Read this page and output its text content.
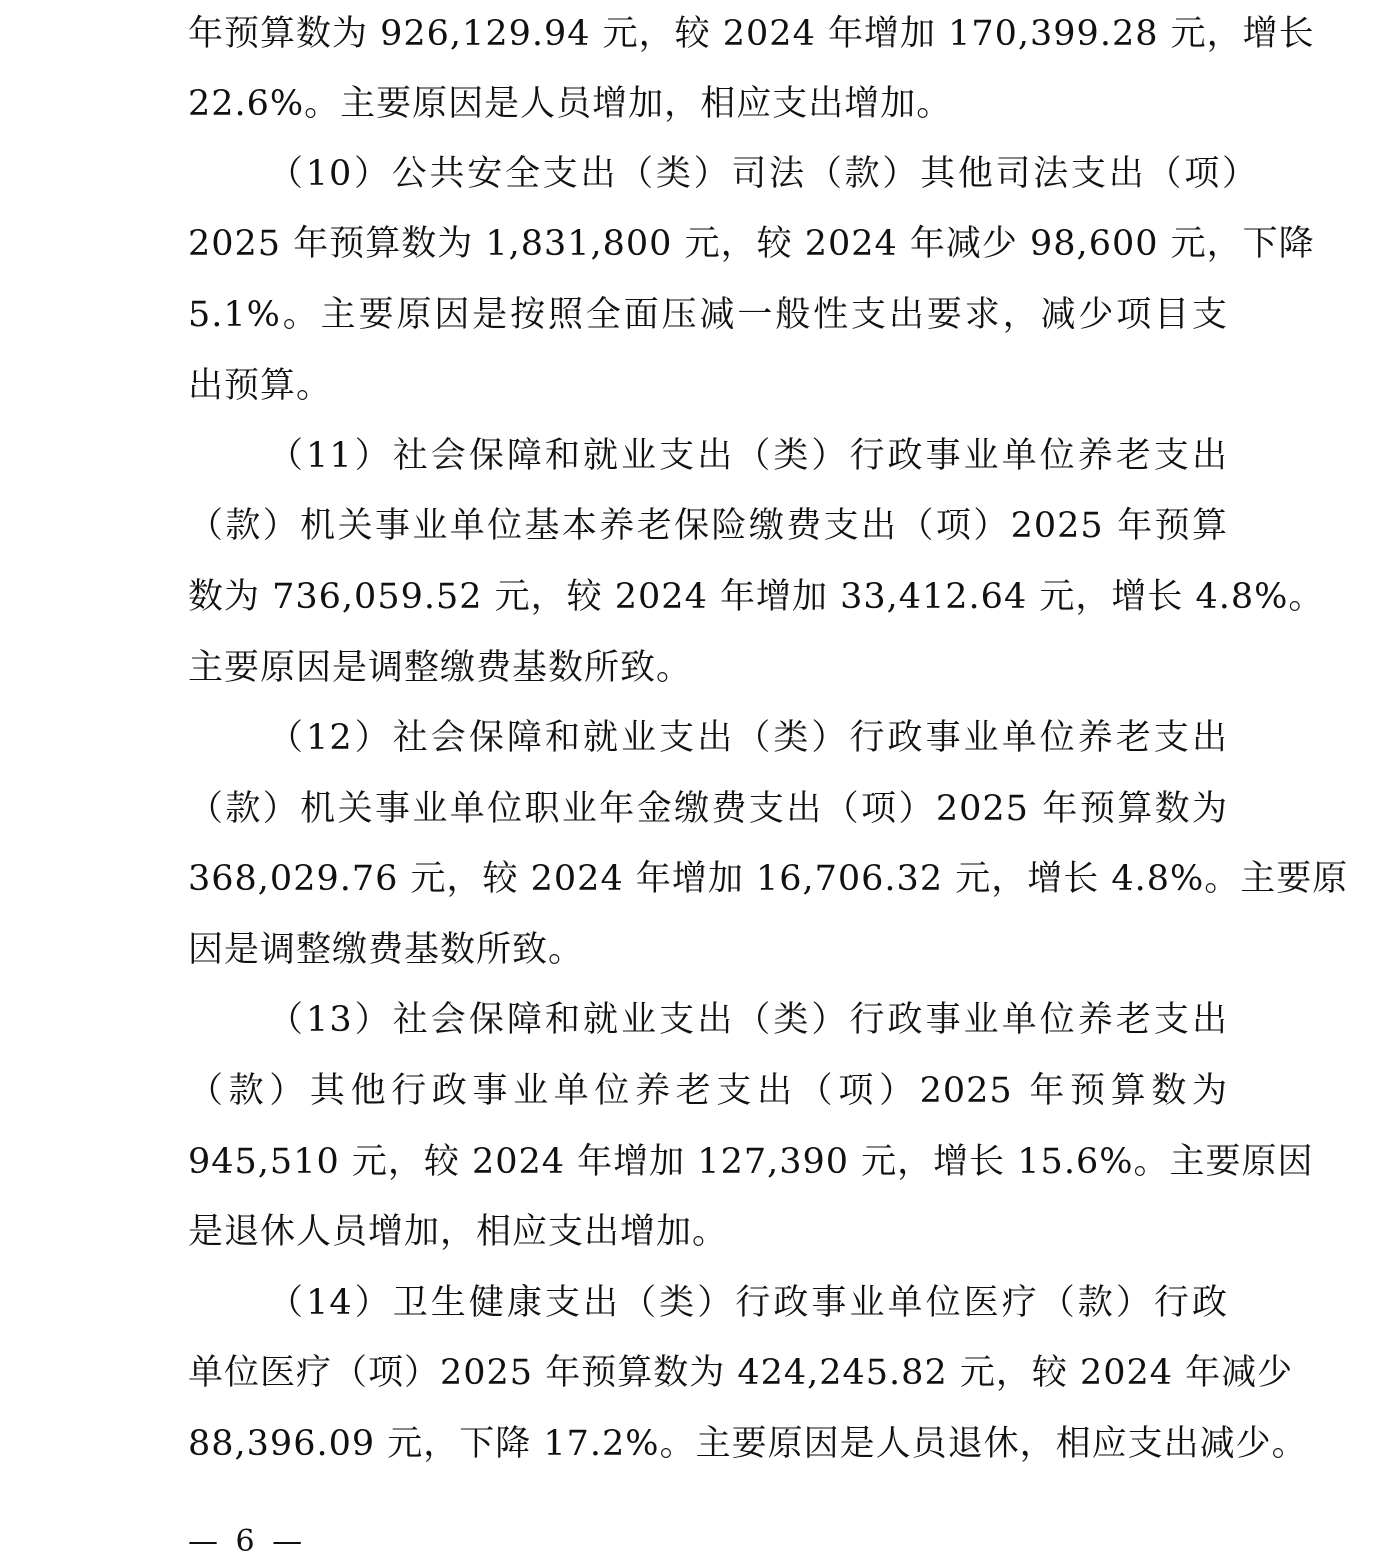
年预算数为 926,129.94 元，较 2024 年增加 170,399.28 元，增长
22.6%。主要原因是人员增加，相应支出增加。
（10）公共安全支出（类）司法（款）其他司法支出（项）
2025 年预算数为 1,831,800 元，较 2024 年减少 98,600 元，下降
5.1%。主要原因是按照全面压减一般性支出要求，减少项目支
出预算。
（11）社会保障和就业支出（类）行政事业单位养老支出
（款）机关事业单位基本养老保险缴费支出（项）2025 年预算
数为 736,059.52 元，较 2024 年增加 33,412.64 元，增长 4.8%。
主要原因是调整缴费基数所致。
（12）社会保障和就业支出（类）行政事业单位养老支出
（款）机关事业单位职业年金缴费支出（项）2025 年预算数为
368,029.76 元，较 2024 年增加 16,706.32 元，增长 4.8%。主要原
因是调整缴费基数所致。
（13）社会保障和就业支出（类）行政事业单位养老支出
（款）其他行政事业单位养老支出（项）2025 年预算数为
945,510 元，较 2024 年增加 127,390 元，增长 15.6%。主要原因
是退休人员增加，相应支出增加。
（14）卫生健康支出（类）行政事业单位医疗（款）行政
单位医疗（项）2025 年预算数为 424,245.82 元，较 2024 年减少
88,396.09 元，下降 17.2%。主要原因是人员退休，相应支出减少。
— 6 —
